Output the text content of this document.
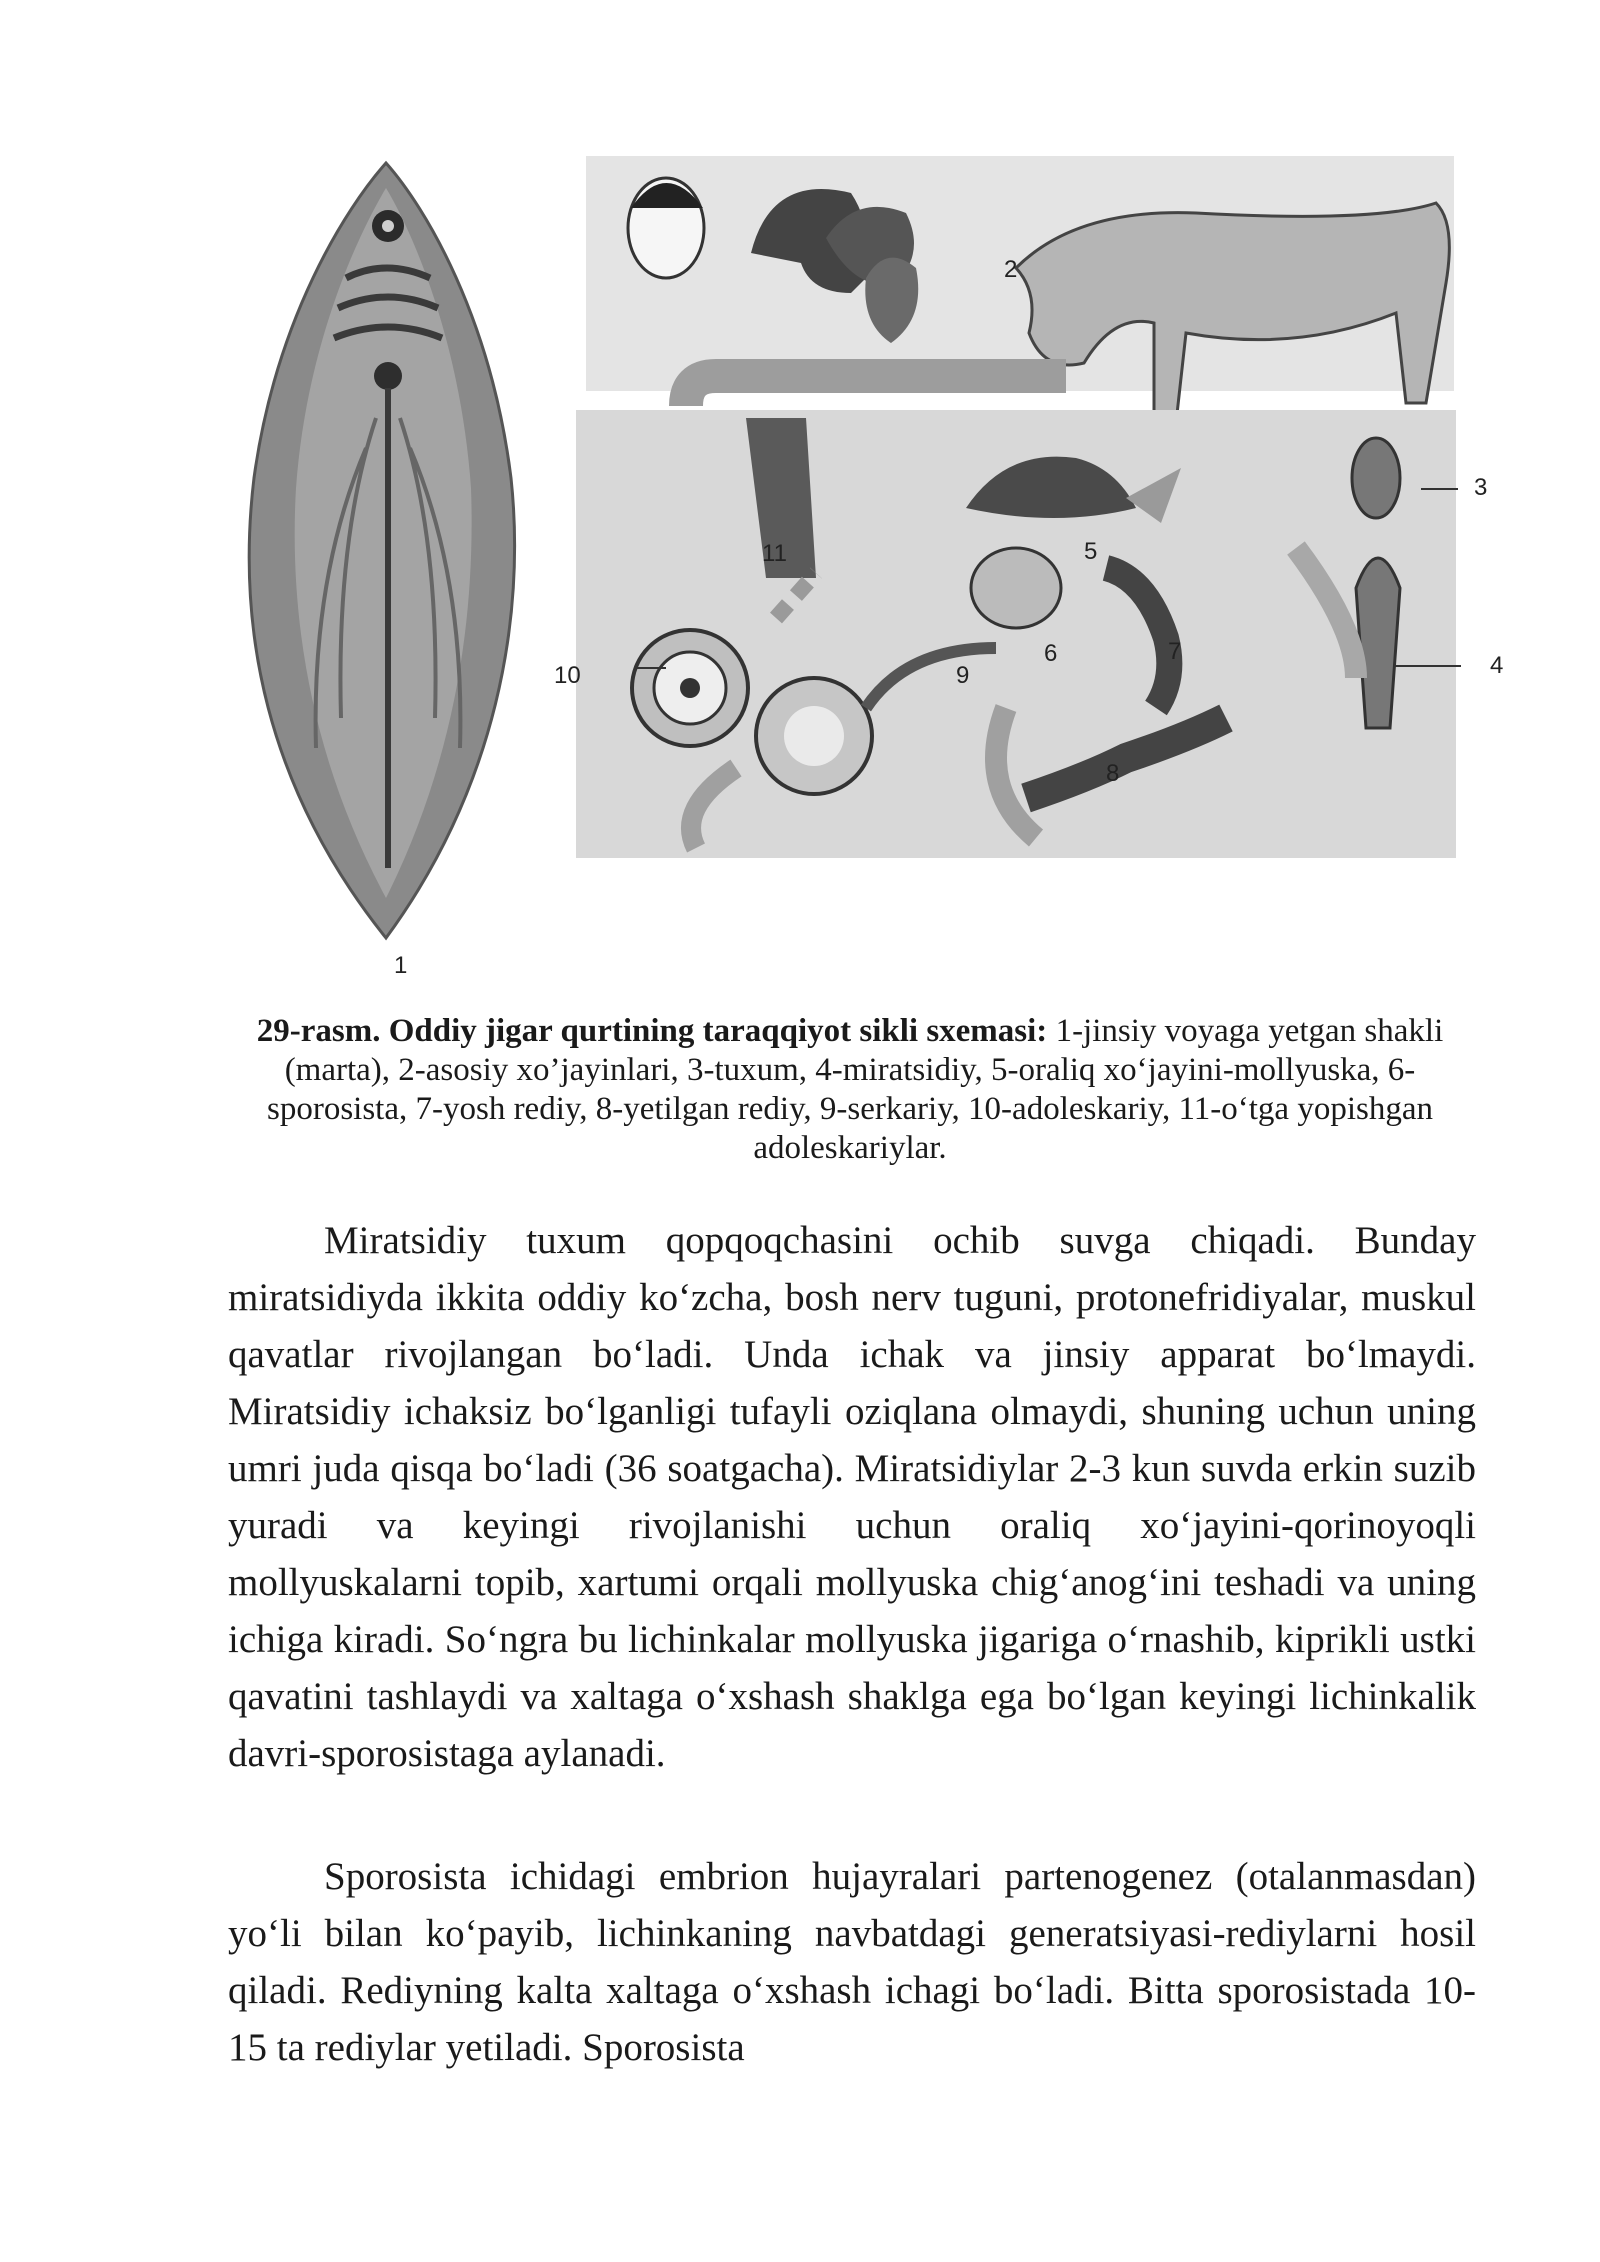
2
3
4
5
6	7
8
9
10
11
1
29-rasm. Oddiy jigar qurtining taraqqiyot sikli sxemasi: 1-jinsiy voyaga yetgan shakli (marta), 2-asosiy xo’jayinlari, 3-tuxum, 4-miratsidiy, 5-oraliq xo‘jayini-mollyuska, 6-sporosista, 7-yosh rediy, 8-yetilgan rediy, 9-serkariy, 10-adoleskariy, 11-o‘tga yopishgan adoleskariylar.
Miratsidiy tuxum qopqoqchasini ochib suvga chiqadi. Bunday miratsidiyda ikkita oddiy ko‘zcha, bosh nerv tuguni, protonefridiyalar, muskul qavatlar rivojlangan bo‘ladi. Unda ichak va jinsiy apparat bo‘lmaydi. Miratsidiy ichaksiz bo‘lganligi tufayli oziqlana olmaydi, shuning uchun uning umri juda qisqa bo‘ladi (36 soatgacha). Miratsidiylar 2-3 kun suvda erkin suzib yuradi va keyingi rivojlanishi uchun oraliq xo‘jayini-qorinoyoqli mollyuskalarni topib, xartumi orqali mollyuska chig‘anog‘ini teshadi va uning ichiga kiradi. So‘ngra bu lichinkalar mollyuska jigariga o‘rnashib, kiprikli ustki qavatini tashlaydi va xaltaga o‘xshash shaklga ega bo‘lgan keyingi lichinkalik davri-sporosistaga aylanadi.
Sporosista ichidagi embrion hujayralari partenogenez (otalanmasdan) yo‘li bilan ko‘payib, lichinkaning navbatdagi generatsiyasi-rediylarni hosil qiladi. Rediyning kalta xaltaga o‘xshash ichagi bo‘ladi. Bitta sporosistada 10-15 ta rediylar yetiladi. Sporosista
